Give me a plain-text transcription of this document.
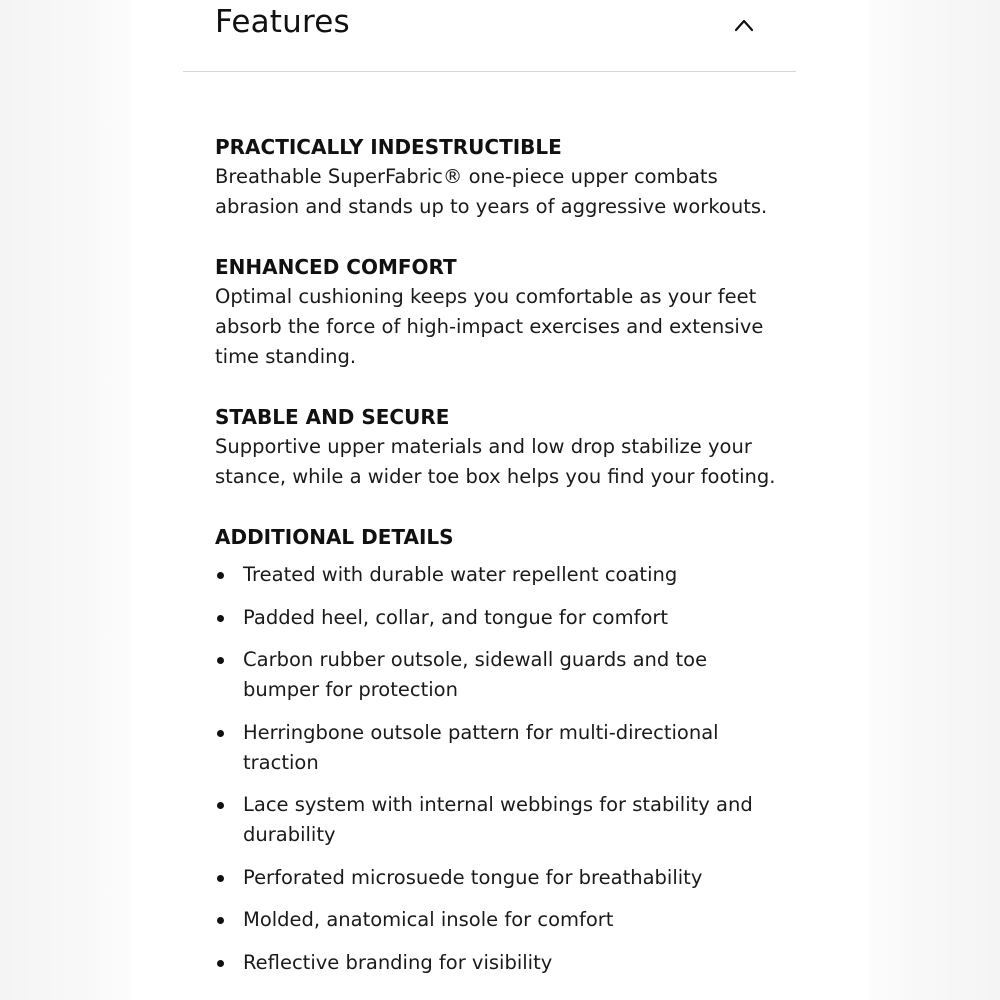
Features

PRACTICALLY INDESTRUCTIBLE

Breathable SuperFabric® one-piece upper combats

abrasion and stands up to years of aggressive workouts.

ENHANCED COMFORT

Optimal cushioning keeps you comfortable as your feet

absorb the force of high-impact exercises and extensive

time standing.

STABLE AND SECURE

Supportive upper materials and low drop stabilize your

stance, while a wider toe box helps you find your footing.

ADDITIONAL DETAILS

Treated with durable water repellent coating
Padded heel, collar, and tongue for comfort
Carbon rubber outsole, sidewall guards and toe
bumper for protection
Herringbone outsole pattern for multi-directional
traction
Lace system with internal webbings for stability and
durability
Perforated microsuede tongue for breathability
Molded, anatomical insole for comfort
Reflective branding for visibility
